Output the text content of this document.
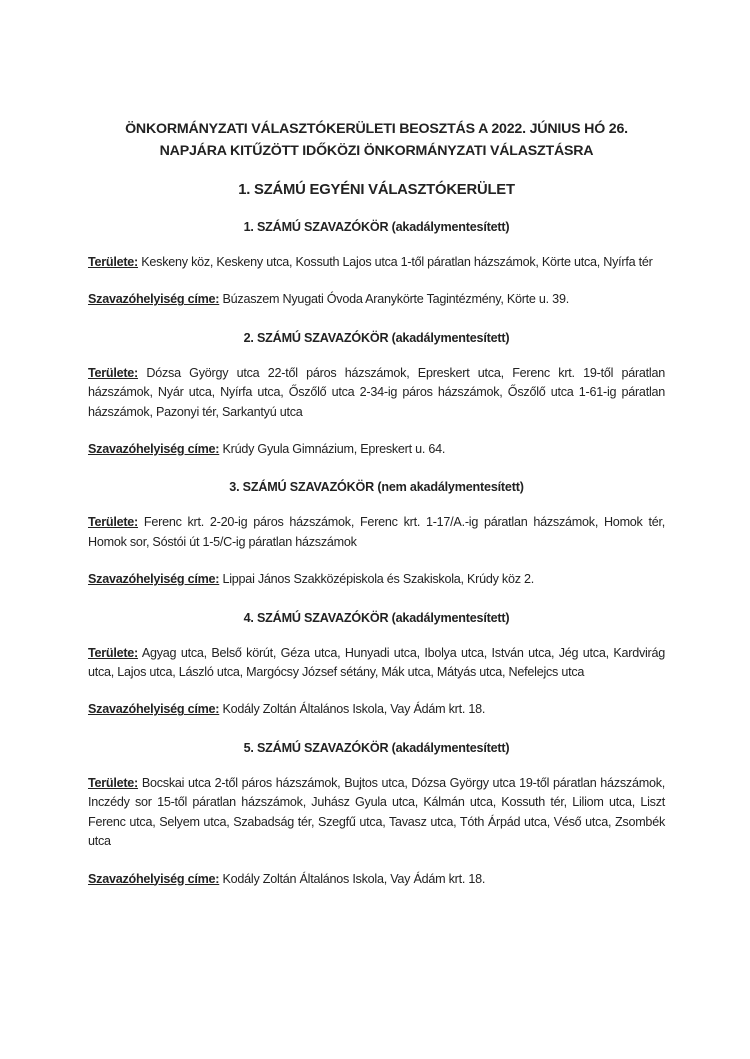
ÖNKORMÁNYZATI VÁLASZTÓKERÜLETI BEOSZTÁS A 2022. JÚNIUS HÓ 26.

NAPJÁRA KITŰZÖTT IDŐKÖZI ÖNKORMÁNYZATI VÁLASZTÁSRA

1. SZÁMÚ EGYÉNI VÁLASZTÓKERÜLET

1. SZÁMÚ SZAVAZÓKÖR (akadálymentesített)

Területe: Keskeny köz, Keskeny utca, Kossuth Lajos utca 1-től páratlan házszámok, Körte utca, Nyírfa tér

Szavazóhelyiség címe: Búzaszem Nyugati Óvoda Aranykörte Tagintézmény, Körte u. 39.

2. SZÁMÚ SZAVAZÓKÖR (akadálymentesített)

Területe: Dózsa György utca 22-től páros házszámok, Epreskert utca, Ferenc krt. 19-től páratlan házszámok, Nyár utca, Nyírfa utca, Őszőlő utca 2-34-ig páros házszámok, Őszőlő utca 1-61-ig páratlan házszámok, Pazonyi tér, Sarkantyú utca

Szavazóhelyiség címe: Krúdy Gyula Gimnázium, Epreskert u. 64.

3. SZÁMÚ SZAVAZÓKÖR (nem akadálymentesített)

Területe: Ferenc krt. 2-20-ig páros házszámok, Ferenc krt. 1-17/A.-ig páratlan házszámok, Homok tér, Homok sor, Sóstói út 1-5/C-ig páratlan házszámok

Szavazóhelyiség címe: Lippai János Szakközépiskola és Szakiskola, Krúdy köz 2.

4. SZÁMÚ SZAVAZÓKÖR (akadálymentesített)

Területe: Agyag utca, Belső körút, Géza utca, Hunyadi utca, Ibolya utca, István utca, Jég utca, Kardvirág utca, Lajos utca, László utca, Margócsy József sétány, Mák utca, Mátyás utca, Nefelejcs utca

Szavazóhelyiség címe: Kodály Zoltán Általános Iskola, Vay Ádám krt. 18.

5. SZÁMÚ SZAVAZÓKÖR (akadálymentesített)

Területe: Bocskai utca 2-től páros házszámok, Bujtos utca, Dózsa György utca 19-től páratlan házszámok, Inczédy sor 15-től páratlan házszámok, Juhász Gyula utca, Kálmán utca, Kossuth tér, Liliom utca, Liszt Ferenc utca, Selyem utca, Szabadság tér, Szegfű utca, Tavasz utca, Tóth Árpád utca, Véső utca, Zsombék utca

Szavazóhelyiség címe: Kodály Zoltán Általános Iskola, Vay Ádám krt. 18.
